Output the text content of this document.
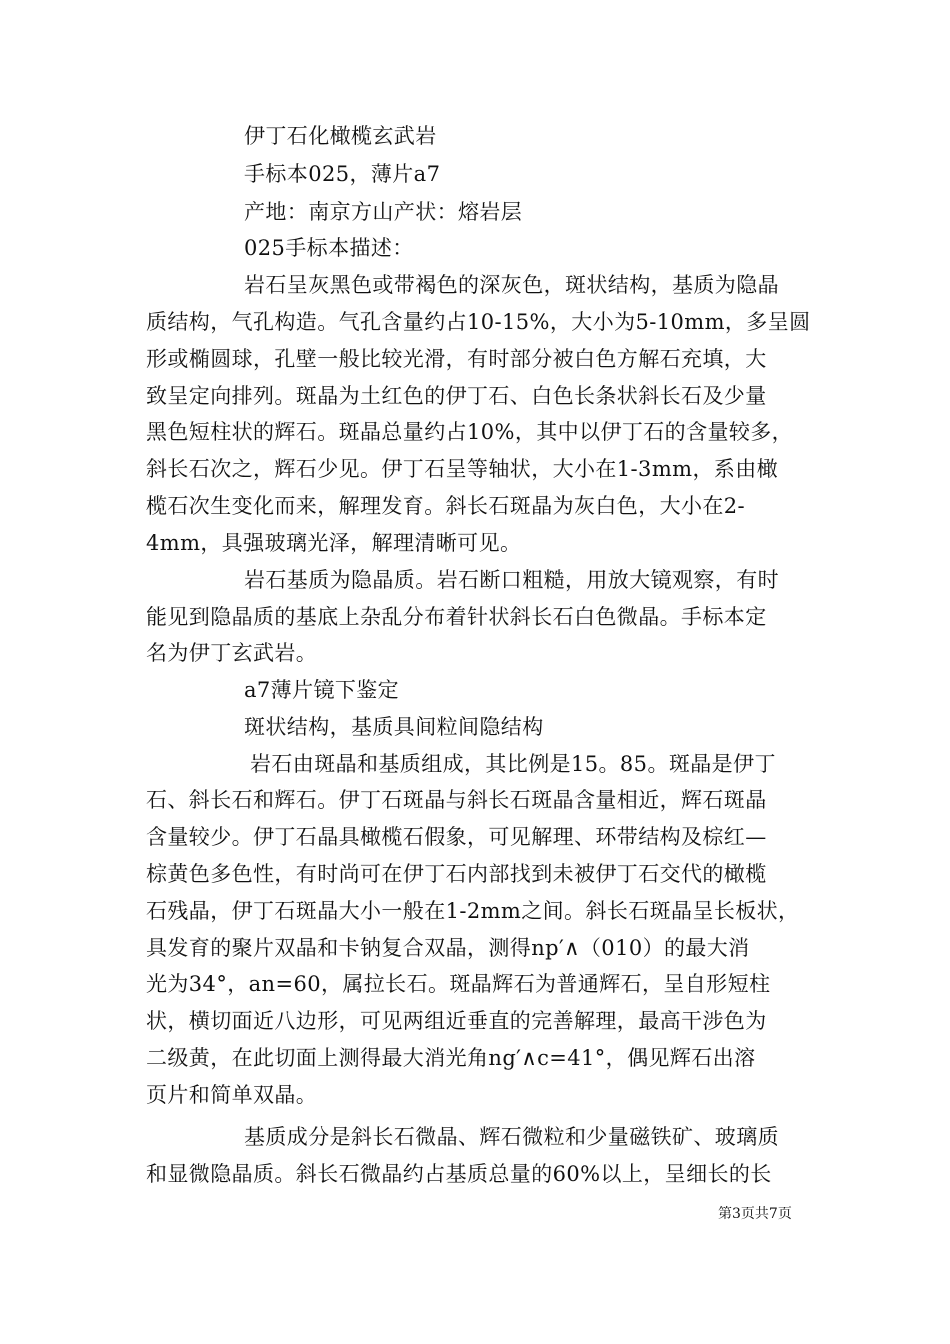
伊丁石化橄榄玄武岩
手标本025，薄片a7
产地：南京方山产状：熔岩层
025手标本描述：
岩石呈灰黑色或带褐色的深灰色，斑状结构，基质为隐晶
质结构，气孔构造。气孔含量约占10-15%，大小为5-10mm，多呈圆
形或椭圆球，孔壁一般比较光滑，有时部分被白色方解石充填，大
致呈定向排列。斑晶为土红色的伊丁石、白色长条状斜长石及少量
黑色短柱状的辉石。斑晶总量约占10%，其中以伊丁石的含量较多，
斜长石次之，辉石少见。伊丁石呈等轴状，大小在1-3mm，系由橄
榄石次生变化而来，解理发育。斜长石斑晶为灰白色，大小在2-
4mm，具强玻璃光泽，解理清晰可见。
岩石基质为隐晶质。岩石断口粗糙，用放大镜观察，有时
能见到隐晶质的基底上杂乱分布着针状斜长石白色微晶。手标本定
名为伊丁玄武岩。
a7薄片镜下鉴定
斑状结构，基质具间粒间隐结构
岩石由斑晶和基质组成，其比例是15。85。斑晶是伊丁
石、斜长石和辉石。伊丁石斑晶与斜长石斑晶含量相近，辉石斑晶
含量较少。伊丁石晶具橄榄石假象，可见解理、环带结构及棕红—
棕黄色多色性，有时尚可在伊丁石内部找到未被伊丁石交代的橄榄
石残晶，伊丁石斑晶大小一般在1-2mm之间。斜长石斑晶呈长板状，
具发育的聚片双晶和卡钠复合双晶，测得np′∧（010）的最大消
光为34°，an=60，属拉长石。斑晶辉石为普通辉石，呈自形短柱
状，横切面近八边形，可见两组近垂直的完善解理，最高干涉色为
二级黄，在此切面上测得最大消光角ng′∧c=41°，偶见辉石出溶
页片和简单双晶。
基质成分是斜长石微晶、辉石微粒和少量磁铁矿、玻璃质
和显微隐晶质。斜长石微晶约占基质总量的60%以上，呈细长的长
第3页共7页
